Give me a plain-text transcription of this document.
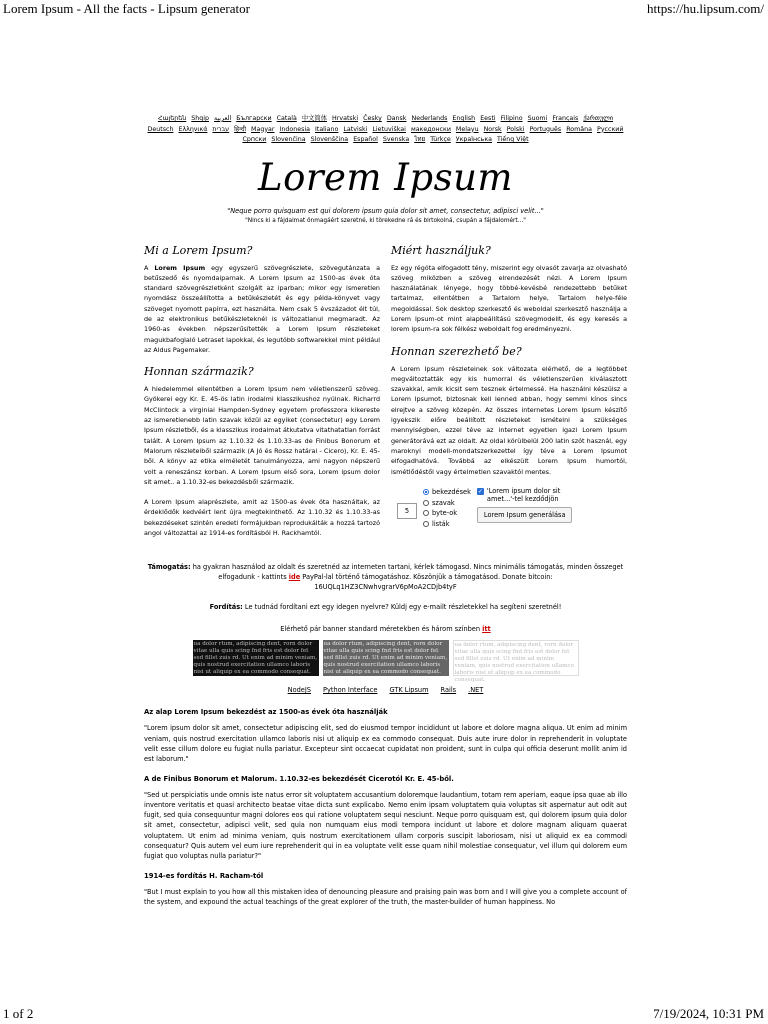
Lorem Ipsum - All the facts - Lipsum generator	https://hu.lipsum.com/
Հայերեն Shqip العربية Български Català 中文简体 Hrvatski Česky Dansk Nederlands English Eesti Filipino Suomi Français ქართული Deutsch Ελληνικά עברית हिन्दी Magyar Indonesia Italiano Latviski Lietuviškai македонски Melayu Norsk Polski Português Româna Pyccкий Српски Slovenčina Slovenščina Español Svenska ไทย Türkçe Українська Tiếng Việt
Lorem Ipsum
"Neque porro quisquam est qui dolorem ipsum quia dolor sit amet, consectetur, adipisci velit..."
"Nincs ki a fájdalmat önmagáért szeretné, ki törekedne rá és birtokolná, csupán a fájdalomért..."
Mi a Lorem Ipsum?

A Lorem Ipsum egy egyszerű szövegrészlete, szövegutánzata a betűszedő és nyomdaiparnak. A Lorem Ipsum az 1500-as évek óta standard szövegrészletként szolgált az iparban; mikor egy ismeretlen nyomdász összeállította a betűkészletét és egy példa-könyvet vagy szöveget nyomott papírra, ezt használta. Nem csak 5 évszázadot élt túl, de az elektronikus betűkészleteknél is változatlanul megmaradt. Az 1960-as években népszerűsítették a Lorem Ipsum részleteket magukbafoglaló Letraset lapokkal, és legutóbb softwarekkel mint például az Aldus Pagemaker.

Honnan származik?

A hiedelemmel ellentétben a Lorem Ipsum nem véletlenszerű szöveg. Gyökerei egy Kr. E. 45-ös latin irodalmi klasszikushoz nyúlnak. Richarrd McClintock a virginiai Hampden-Sydney egyetem professzora kikereste az ismeretlenebb latin szavak közül az egyiket (consectetur) egy Lorem Ipsum részletből, és a klasszikus irodalmat átkutatva vitathatatlan forrást talált. A Lorem Ipsum az 1.10.32 és 1.10.33-as de Finibus Bonorum et Malorum részleteiből származik (A Jó és Rossz határai - Cicero), Kr. E. 45-ből. A könyv az etika elméletét tanulmányozza, ami nagyon népszerű volt a reneszánsz korban. A Lorem Ipsum első sora, Lorem ipsum dolor sit amet.. a 1.10.32-es bekezdésből származik.

A Lorem Ipsum alaprészlete, amit az 1500-as évek óta használtak, az érdeklődők kedvéért lent újra megtekinthető. Az 1.10.32 és 1.10.33-as bekezdéseket szintén eredeti formájukban reprodukálták a hozzá tartozó angol változattal az 1914-es fordításból H. Rackhamtól.

Miért használjuk?

Ez egy régóta elfogadott tény, miszerint egy olvasót zavarja az olvasható szöveg miközben a szöveg elrendezését nézi. A Lorem Ipsum használatának lényege, hogy többé-kevésbé rendezettebb betűket tartalmaz, ellentétben a Tartalom helye, Tartalom helye-féle megoldással. Sok desktop szerkesztő és weboldal szerkesztő használja a Lorem Ipsum-ot mint alapbeállítású szövegmodellt, és egy keresés a lorem ipsum-ra sok félkész weboldalt fog eredményezni.

Honnan szerezhető be?

A Lorem Ipsum részleteinek sok változata elérhető, de a legtöbbet megváltoztatták egy kis humorral és véletlenszerűen kiválasztott szavakkal, amik kicsit sem tesznek értelmessé. Ha használni készülsz a Lorem Ipsumot, biztosnak kell lenned abban, hogy semmi kínos sincs elrejtve a szöveg közepén. Az összes internetes Lorem Ipsum készítő igyekszik előre beállított részleteket ismételni a szükséges mennyiségben, ezzel téve az internet egyetlen igazi Lorem Ipsum generátorává ezt az oldalt. Az oldal körülbelül 200 latin szót használ, egy maroknyi modell-mondatszerkezettel így téve a Lorem Ipsumot elfogadhatóvá. Továbbá az elkészült Lorem Ipsum humortól, ismétlődéstől vagy értelmetlen szavaktól mentes.

5
bekezdések
szavak
byte-ok
listák
✓ 'Lorem ipsum dolor sit amet...'-tel kezdődjön
Lorem Ipsum generálása
Támogatás: ha gyakran használod az oldalt és szeretnéd az interneten tartani, kérlek támogasd. Nincs minimális támogatás, minden összeget elfogadunk - kattints ide PayPal-lal történő támogatáshoz. Köszönjük a támogatásod. Donate bitcoin:
16UQLq1HZ3CNwhvgrarV6pMoA2CDjb4tyF
Fordítás: Le tudnád fordítani ezt egy idegen nyelvre? Küldj egy e-mailt részletekkel ha segíteni szeretnél!
Elérhető pár banner standard méretekben és három színben itt
ua dolor rtum, adipiscing dent, rorn dolor vitae ulla quis scing fnd fris est dolor fet sed fillst zuis rd. Ut enim ad minim veniam, quis nostrud exercitation ullamco laboris nisi ut aliquip ex ea commodo consequat.
ua dolor rtum, adipiscing dent, rorn dolor vitae ulla quis scing fnd fris est dolor fet sed fillst zuis rd. Ut enim ad minim veniam, quis nostrud exercitation ullamco laboris nisi ut aliquip ex ea commodo consequat.
ua dolor rtum, adipiscing dent, rorn dolor vitae ulla quis scing fnd fris est dolor fet sed fillst zuis rd. Ut enim ad minim veniam, quis nostrud exercitation ullamco laboris nisi ut aliquip ex ea commodo consequat.
NodeJS Python Interface GTK Lipsum Rails .NET
Az alap Lorem Ipsum bekezdést az 1500-as évek óta használják

"Lorem ipsum dolor sit amet, consectetur adipiscing elit, sed do eiusmod tempor incididunt ut labore et dolore magna aliqua. Ut enim ad minim veniam, quis nostrud exercitation ullamco laboris nisi ut aliquip ex ea commodo consequat. Duis aute irure dolor in reprehenderit in voluptate velit esse cillum dolore eu fugiat nulla pariatur. Excepteur sint occaecat cupidatat non proident, sunt in culpa qui officia deserunt mollit anim id est laborum."

A de Finibus Bonorum et Malorum. 1.10.32-es bekezdését Cicerotól Kr. E. 45-ből.

"Sed ut perspiciatis unde omnis iste natus error sit voluptatem accusantium doloremque laudantium, totam rem aperiam, eaque ipsa quae ab illo inventore veritatis et quasi architecto beatae vitae dicta sunt explicabo. Nemo enim ipsam voluptatem quia voluptas sit aspernatur aut odit aut fugit, sed quia consequuntur magni dolores eos qui ratione voluptatem sequi nesciunt. Neque porro quisquam est, qui dolorem ipsum quia dolor sit amet, consectetur, adipisci velit, sed quia non numquam eius modi tempora incidunt ut labore et dolore magnam aliquam quaerat voluptatem. Ut enim ad minima veniam, quis nostrum exercitationem ullam corporis suscipit laboriosam, nisi ut aliquid ex ea commodi consequatur? Quis autem vel eum iure reprehenderit qui in ea voluptate velit esse quam nihil molestiae consequatur, vel illum qui dolorem eum fugiat quo voluptas nulla pariatur?"

1914-es fordítás H. Racham-tól

"But I must explain to you how all this mistaken idea of denouncing pleasure and praising pain was born and I will give you a complete account of the system, and expound the actual teachings of the great explorer of the truth, the master-builder of human happiness. No

1 of 2	7/19/2024, 10:31 PM
